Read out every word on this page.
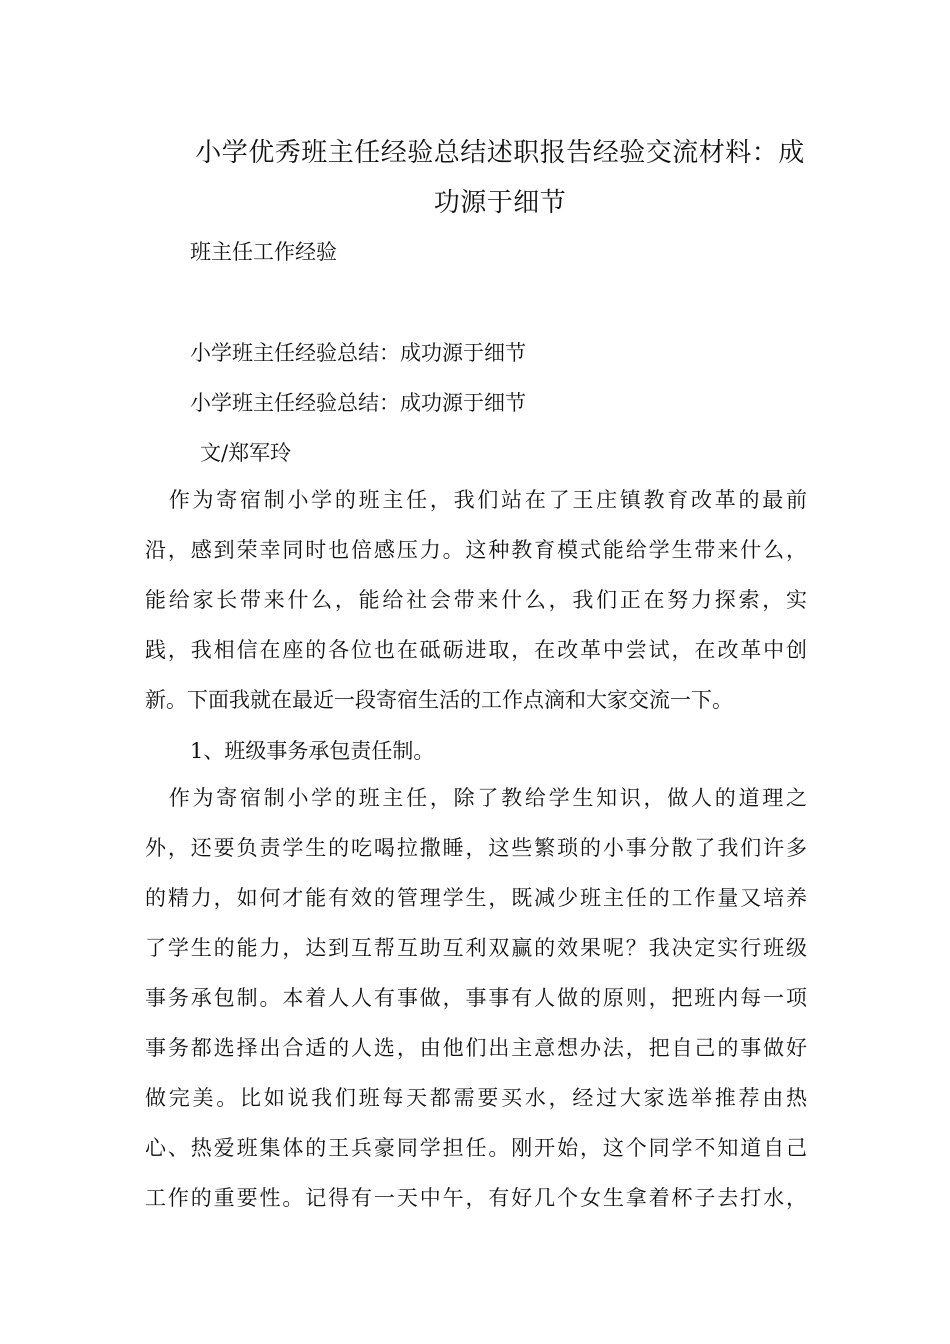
小学优秀班主任经验总结述职报告经验交流材料：成
功源于细节
班主任工作经验
小学班主任经验总结：成功源于细节
小学班主任经验总结：成功源于细节
文/郑军玲
　作为寄宿制小学的班主任，我们站在了王庄镇教育改革的最前
沿，感到荣幸同时也倍感压力。这种教育模式能给学生带来什么，
能给家长带来什么，能给社会带来什么，我们正在努力探索，实
践，我相信在座的各位也在砥砺进取，在改革中尝试，在改革中创
新。下面我就在最近一段寄宿生活的工作点滴和大家交流一下。
1、班级事务承包责任制。
　作为寄宿制小学的班主任，除了教给学生知识，做人的道理之
外，还要负责学生的吃喝拉撒睡，这些繁琐的小事分散了我们许多
的精力，如何才能有效的管理学生，既减少班主任的工作量又培养
了学生的能力，达到互帮互助互利双赢的效果呢？我决定实行班级
事务承包制。本着人人有事做，事事有人做的原则，把班内每一项
事务都选择出合适的人选，由他们出主意想办法，把自己的事做好
做完美。比如说我们班每天都需要买水，经过大家选举推荐由热
心、热爱班集体的王兵豪同学担任。刚开始，这个同学不知道自己
工作的重要性。记得有一天中午，有好几个女生拿着杯子去打水，
